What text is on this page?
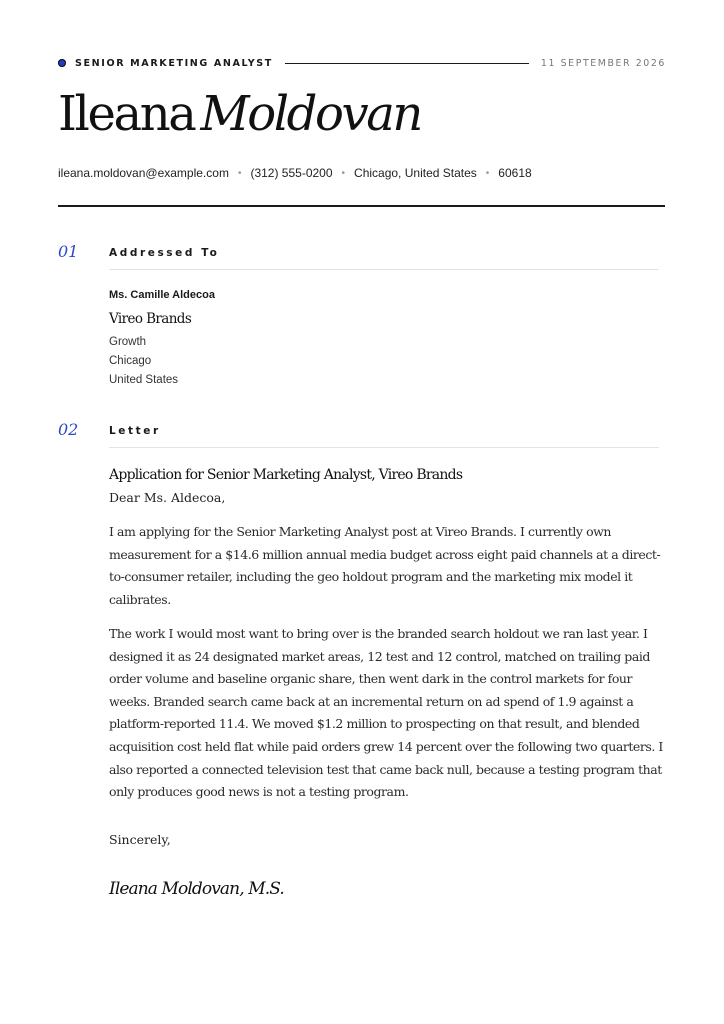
SENIOR MARKETING ANALYST	11 SEPTEMBER 2026
Ileana Moldovan
ileana.moldovan@example.com • (312) 555-0200 • Chicago, United States • 60618
01	Addressed To
Ms. Camille Aldecoa
Vireo Brands
Growth
Chicago
United States
02	Letter
Application for Senior Marketing Analyst, Vireo Brands
Dear Ms. Aldecoa,

I am applying for the Senior Marketing Analyst post at Vireo Brands. I currently own measurement for a $14.6 million annual media budget across eight paid channels at a direct-to-consumer retailer, including the geo holdout program and the marketing mix model it calibrates.

The work I would most want to bring over is the branded search holdout we ran last year. I designed it as 24 designated market areas, 12 test and 12 control, matched on trailing paid order volume and baseline organic share, then went dark in the control markets for four weeks. Branded search came back at an incremental return on ad spend of 1.9 against a platform-reported 11.4. We moved $1.2 million to prospecting on that result, and blended acquisition cost held flat while paid orders grew 14 percent over the following two quarters. I also reported a connected television test that came back null, because a testing program that only produces good news is not a testing program.

Sincerely,
Ileana Moldovan, M.S.
